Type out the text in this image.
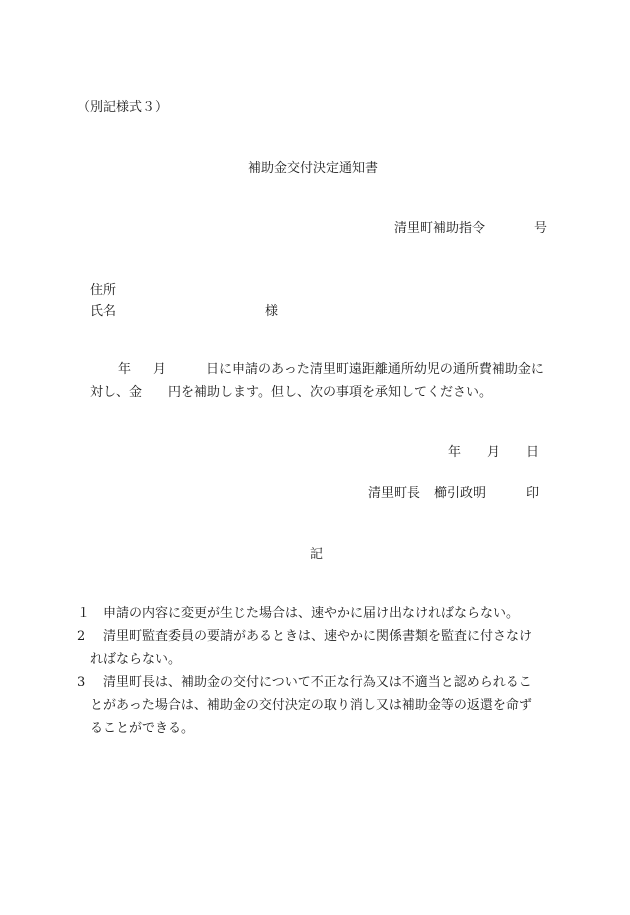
（別記様式３）
補助金交付決定通知書
清里町補助指令	号
住所
氏名	様
年 月	日に申請のあった清里町遠距離通所幼児の通所費補助金に
対し、金 円を補助します。但し、次の事項を承知してください。
年 月 日
清里町長 櫛引政明	印
記
１ 申請の内容に変更が生じた場合は、速やかに届け出なければならない。
2 清里町監査委員の要請があるときは、速やかに関係書類を監査に付さなけ
ればならない。
3 清里町長は、補助金の交付について不正な行為又は不適当と認められるこ
とがあった場合は、補助金の交付決定の取り消し又は補助金等の返還を命ず
ることができる。
